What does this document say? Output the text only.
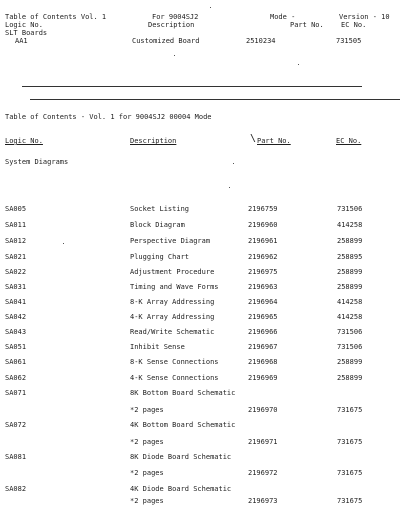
Table of Contents Vol. 1	For 9004SJ2	Mode -	Version - 10
Logic No.	Description	Part No. EC No.
SLT Boards
AA1	Customized Board	2510234	731505
Table of Contents - Vol. 1 for 9004SJ2 00004 Mode
Logic No.	Description	\ Part No.	EC No.
System Diagrams
SA005	Socket Listing	2196759	731506
SA011	Block Diagram	2196960	414258
SA012	Perspective Diagram	2196961	258899
SA021	Plugging Chart	2196962	258895
SA022	Adjustment Procedure	2196975	258899
SA031	Timing and Wave Forms	2196963	258899
SA041	8-K Array Addressing	2196964	414258
SA042	4-K Array Addressing	2196965	414258
SA043	Read/Write Schematic	2196966	731506
SA051	Inhibit Sense	2196967	731506
SA061	8-K Sense Connections	2196968	258899
SA062	4-K Sense Connections	2196969	258899
SA071	8K Bottom Board Schematic
*2 pages	2196970	731675
SA072	4K Bottom Board Schematic
*2 pages	2196971	731675
SA081	8K Diode Board Schematic
*2 pages	2196972	731675
SA082	4K Diode Board Schematic
*2 pages	2196973	731675
